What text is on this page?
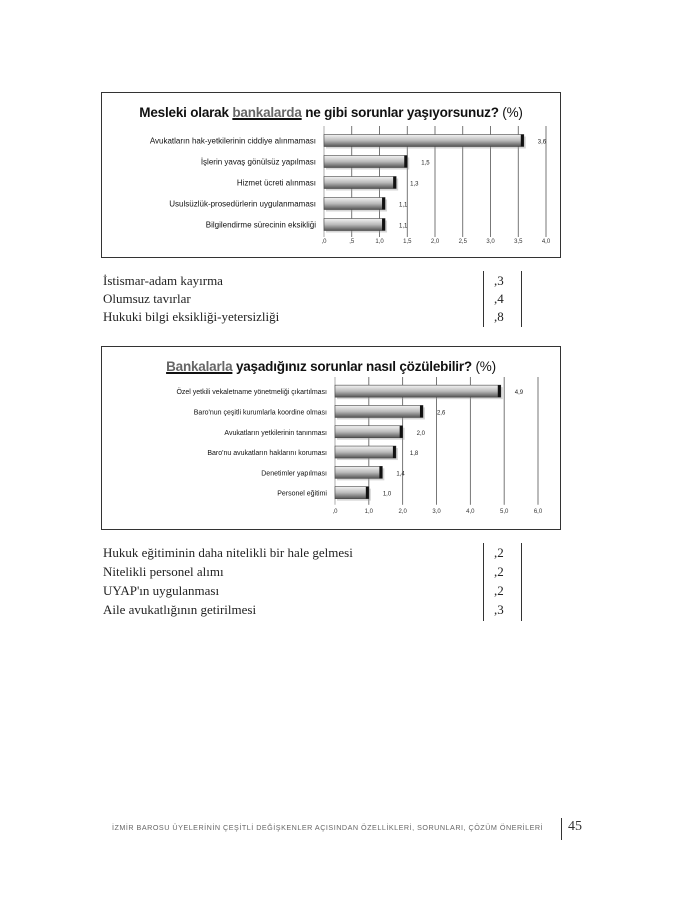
Mesleki olarak bankalarda ne gibi sorunlar yaşıyorsunuz? (%)
,0	,5	1,0	1,5	2,0	2,5	3,0	3,5	4,0
Avukatların hak-yetkilerinin ciddiye alınmaması	3,6
İşlerin yavaş gönülsüz yapılması	1,5
Hizmet ücreti alınması	1,3
Usulsüzlük-prosedürlerin uygulanmaması	1,1
Bilgilendirme sürecinin eksikliği	1,1
İstismar-adam kayırma	,3
Olumsuz tavırlar	,4
Hukuki bilgi eksikliği-yetersizliği	,8
Bankalarla yaşadığınız sorunlar nasıl çözülebilir? (%)
,0	1,0	2,0	3,0	4,0	5,0	6,0
Özel yetkili vekaletname yönetmeliği çıkartılması	4,9
Baro'nun çeşitli kurumlarla koordine olması	2,6
Avukatların yetkilerinin tanınması	2,0
Baro'nu avukatların haklarını koruması	1,8
Denetimler yapılması	1,4
Personel eğitimi	1,0
Hukuk eğitiminin daha nitelikli bir hale gelmesi	,2
Nitelikli personel alımı	,2
UYAP'ın uygulanması	,2
Aile avukatlığının getirilmesi	,3
İZMİR BAROSU ÜYELERİNİN ÇEŞİTLİ DEĞİŞKENLER AÇISINDAN ÖZELLİKLERİ, SORUNLARI, ÇÖZÜM ÖNERİLERİ 45
